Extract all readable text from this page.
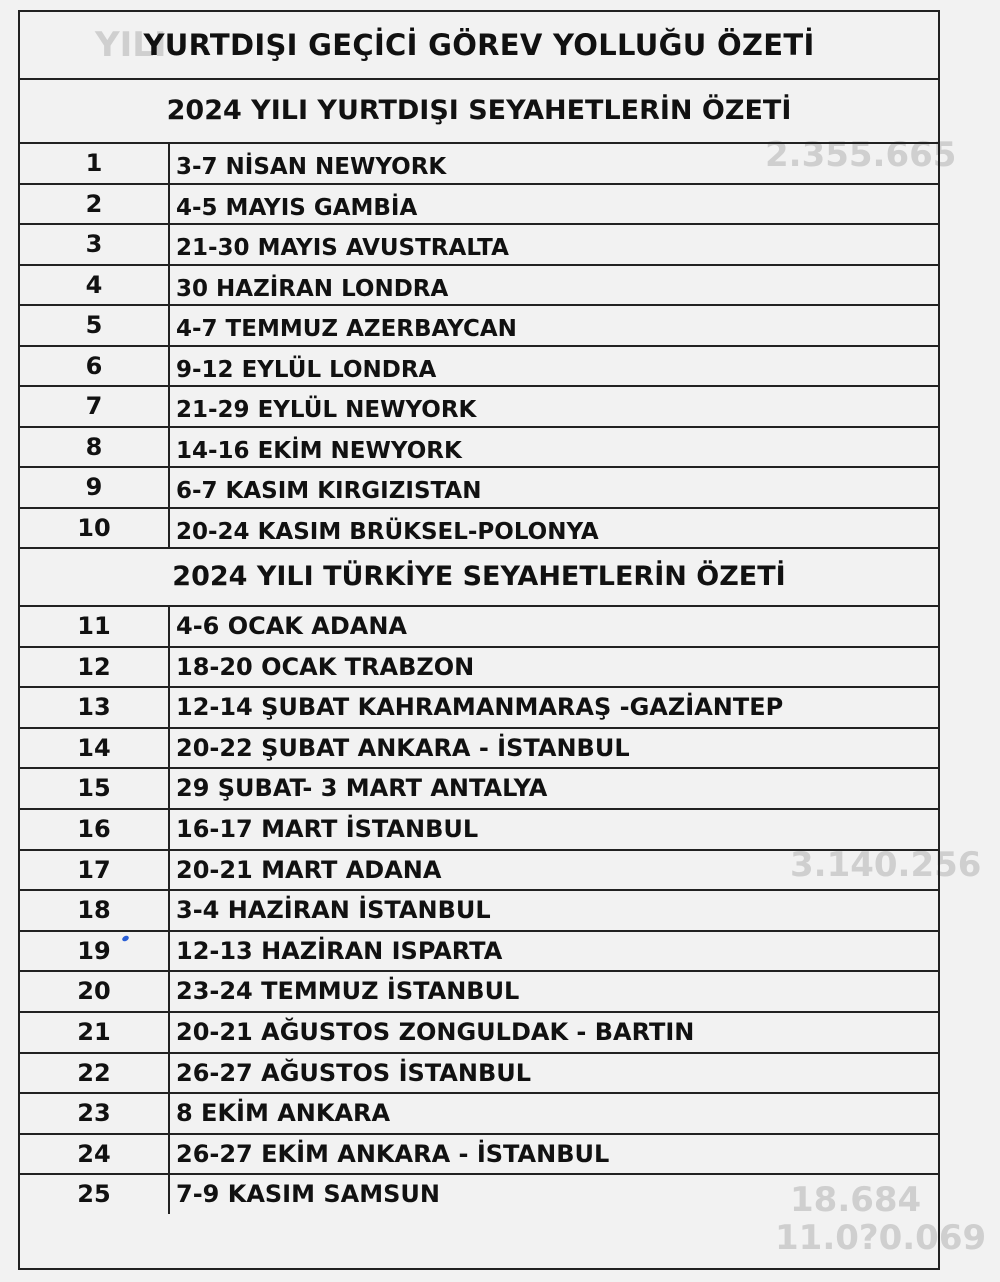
YILI
2.355.665
3.140.256
18.684
11.0?0.069
YURTDIŞI GEÇİCİ GÖREV YOLLUĞU ÖZETİ
2024 YILI YURTDIŞI SEYAHETLERİN ÖZETİ
1	3-7 NİSAN NEWYORK
2	4-5 MAYIS GAMBİA
3	21-30 MAYIS AVUSTRALTA
4	30 HAZİRAN LONDRA
5	4-7 TEMMUZ AZERBAYCAN
6	9-12 EYLÜL LONDRA
7	21-29 EYLÜL NEWYORK
8	14-16 EKİM NEWYORK
9	6-7 KASIM KIRGIZISTAN
10	20-24 KASIM BRÜKSEL-POLONYA
2024 YILI TÜRKİYE SEYAHETLERİN ÖZETİ
11	4-6 OCAK ADANA
12	18-20 OCAK TRABZON
13	12-14 ŞUBAT KAHRAMANMARAŞ -GAZİANTEP
14	20-22 ŞUBAT ANKARA - İSTANBUL
15	29 ŞUBAT- 3 MART ANTALYA
16	16-17 MART İSTANBUL
17	20-21 MART ADANA
18	3-4 HAZİRAN İSTANBUL
19	12-13 HAZİRAN ISPARTA
20	23-24 TEMMUZ İSTANBUL
21	20-21 AĞUSTOS ZONGULDAK - BARTIN
22	26-27 AĞUSTOS İSTANBUL
23	8 EKİM ANKARA
24	26-27 EKİM ANKARA - İSTANBUL
25	7-9 KASIM SAMSUN
